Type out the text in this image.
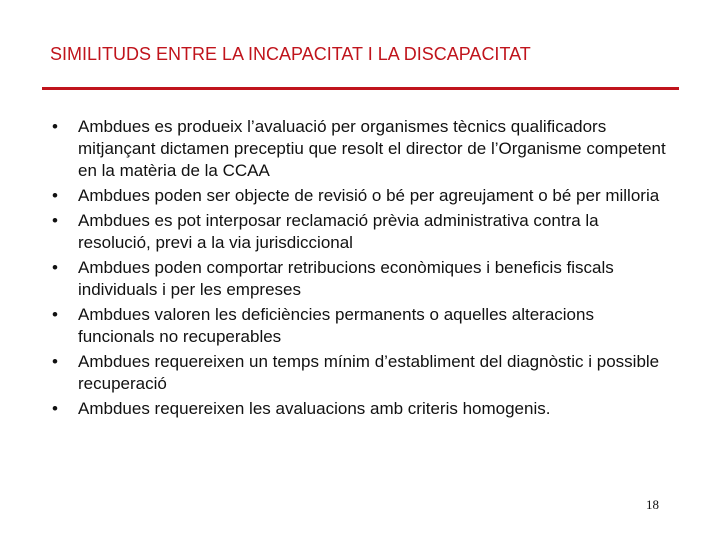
SIMILITUDS ENTRE LA INCAPACITAT I LA DISCAPACITAT
•	Ambdues es produeix l’avaluació per organismes tècnics qualificadors mitjançant dictamen preceptiu que resolt el director de l’Organisme competent en la matèria de la CCAA
•	Ambdues poden ser objecte de revisió o bé per agreujament o bé per milloria
•	Ambdues es pot interposar reclamació prèvia administrativa contra la resolució, previ a la via jurisdiccional
•	Ambdues poden comportar retribucions econòmiques i beneficis fiscals individuals i per les empreses
•	Ambdues valoren les deficiències permanents o aquelles alteracions funcionals no recuperables
•	Ambdues requereixen un temps mínim d’establiment del diagnòstic i possible recuperació
•	Ambdues requereixen les avaluacions amb criteris homogenis.
18
